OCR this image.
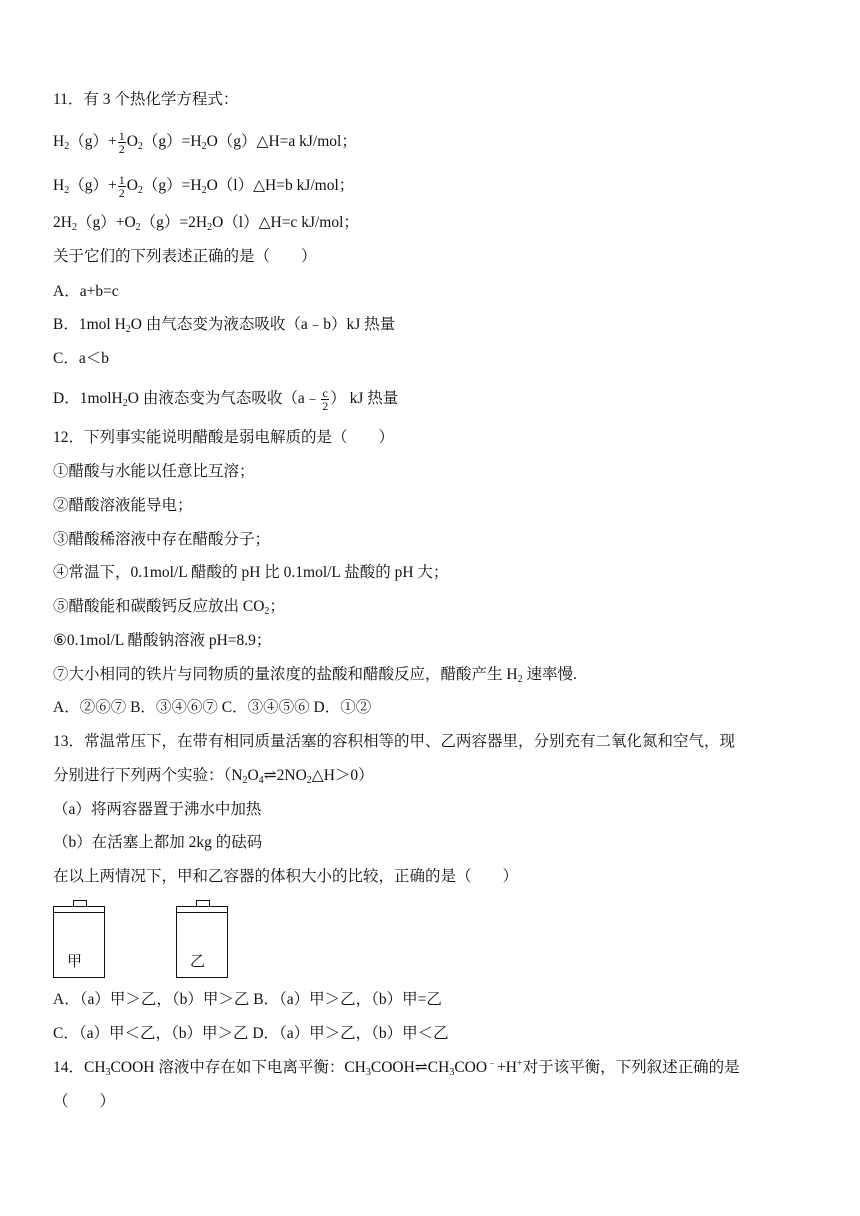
11．有 3 个热化学方程式：
$H_2(g)+ \frac{1}{2}$ $O_2(g)=H_2O(g)\triangle H=a$ kJ/mol；
$H_2(g)+ \frac{1}{2}$ $O_2(g)=H_2O(l)\triangle H=b$ kJ/mol；
$2H_2(g)+O_2(g)=2H_2O(l)\triangle H=c$ kJ/mol；
关于它们的下列表述正确的是（　　）
A．a+b=c
B．1mol $H_2O$ 由气态变为液态吸收（a﹣b）kJ 热量
C．a＜b
D．1molH$_2$O 由液态变为气态吸收（a﹣ $\frac{c}{2}$ ） kJ 热量
12．下列事实能说明醋酸是弱电解质的是（　　）
①醋酸与水能以任意比互溶；
②醋酸溶液能导电；
③醋酸稀溶液中存在醋酸分子；
④常温下，0.1mol/L 醋酸的 pH 比 0.1mol/L 盐酸的 pH 大；
⑤醋酸能和碳酸钙反应放出 $CO_2$；
⑥0.1mol/L 醋酸钠溶液 pH=8.9；
⑦大小相同的铁片与同物质的量浓度的盐酸和醋酸反应，醋酸产生 $H_2$ 速率慢.
A．②⑥⑦ B．③④⑥⑦ C．③④⑤⑥ D．①②
13．常温常压下，在带有相同质量活塞的容积相等的甲、乙两容器里，分别充有二氧化氮和空气，现
分别进行下列两个实验：$(N_2O_4\rightleftharpoons 2NO_2\triangle H>0)$
（a）将两容器置于沸水中加热
（b）在活塞上都加 2kg 的砝码
在以上两情况下，甲和乙容器的体积大小的比较，正确的是（　　）
甲	乙
A．（a）甲＞乙，（b）甲＞乙 B．（a）甲＞乙，（b）甲=乙
C．（a）甲＜乙，（b）甲＞乙 D．（a）甲＞乙，（b）甲＜乙
14．$CH_3COOH$ 溶液中存在如下电离平衡：$CH_3COOH\rightleftharpoons CH_3COO^﹣+H^+$对于该平衡，下列叙述正确的是
（　　）
